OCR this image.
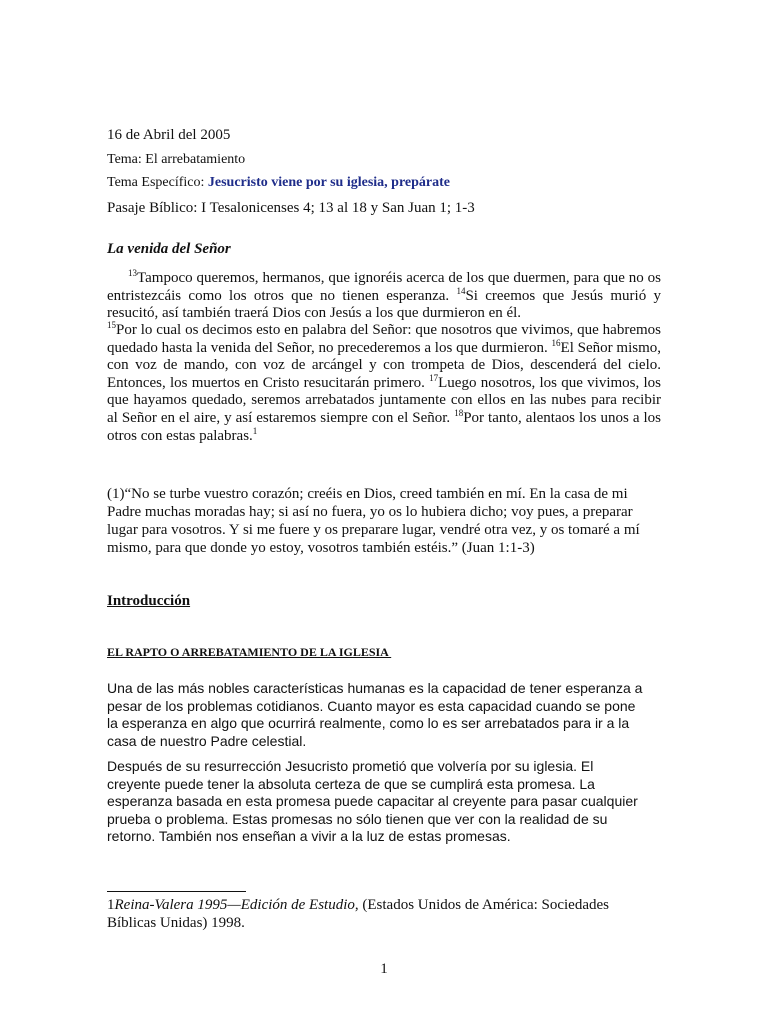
16 de Abril del 2005
Tema: El arrebatamiento
Tema Específico: Jesucristo viene por su iglesia, prepárate
Pasaje Bíblico: I Tesalonicenses 4; 13 al 18 y San Juan 1; 1-3
La venida del Señor
$^{13}$Tampoco queremos, hermanos, que ignoréis acerca de los que duermen, para que no os entristezcáis como los otros que no tienen esperanza. $^{14}$Si creemos que Jesús murió y resucitó, así también traerá Dios con Jesús a los que durmieron en él.
$^{15}$Por lo cual os decimos esto en palabra del Señor: que nosotros que vivimos, que habremos quedado hasta la venida del Señor, no precederemos a los que durmieron. $^{16}$El Señor mismo, con voz de mando, con voz de arcángel y con trompeta de Dios, descenderá del cielo. Entonces, los muertos en Cristo resucitarán primero. $^{17}$Luego nosotros, los que vivimos, los que hayamos quedado, seremos arrebatados juntamente con ellos en las nubes para recibir al Señor en el aire, y así estaremos siempre con el Señor. $^{18}$Por tanto, alentaos los unos a los otros con estas palabras.$^1$
(1)“No se turbe vuestro corazón; creéis en Dios, creed también en mí. En la casa de mi Padre muchas moradas hay; si así no fuera, yo os lo hubiera dicho; voy pues, a preparar lugar para vosotros. Y si me fuere y os preparare lugar, vendré otra vez, y os tomaré a mí mismo, para que donde yo estoy, vosotros también estéis.” (Juan 1:1-3)
Introducción
EL RAPTO O ARREBATAMIENTO DE LA IGLESIA
Una de las más nobles características humanas es la capacidad de tener esperanza a pesar de los problemas cotidianos. Cuanto mayor es esta capacidad cuando se pone la esperanza en algo que ocurrirá realmente, como lo es ser arrebatados para ir a la casa de nuestro Padre celestial.
Después de su resurrección Jesucristo prometió que volvería por su iglesia. El creyente puede tener la absoluta certeza de que se cumplirá esta promesa. La esperanza basada en esta promesa puede capacitar al creyente para pasar cualquier prueba o problema. Estas promesas no sólo tienen que ver con la realidad de su retorno. También nos enseñan a vivir a la luz de estas promesas.
1Reina-Valera 1995—Edición de Estudio, (Estados Unidos de América: Sociedades Bíblicas Unidas) 1998.
1
